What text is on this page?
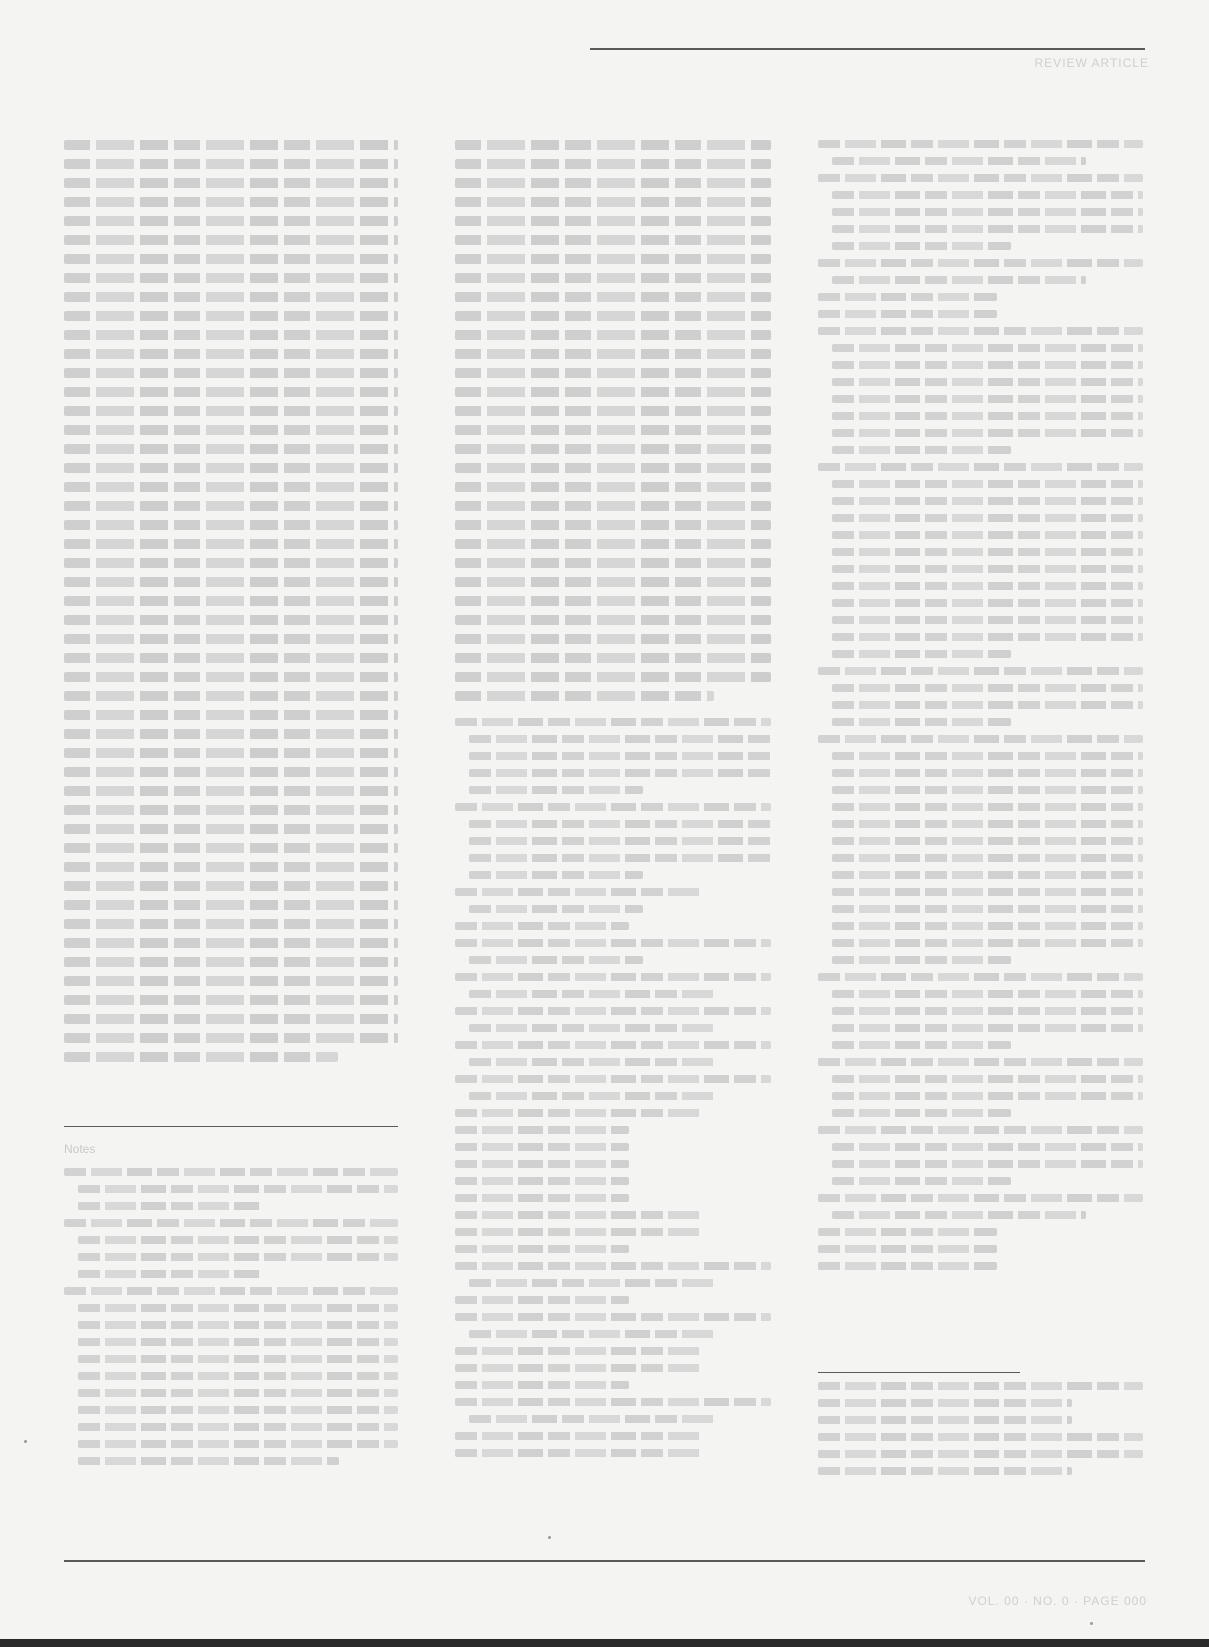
REVIEW ARTICLE
Notes
VOL. 00 · NO. 0 · PAGE 000
